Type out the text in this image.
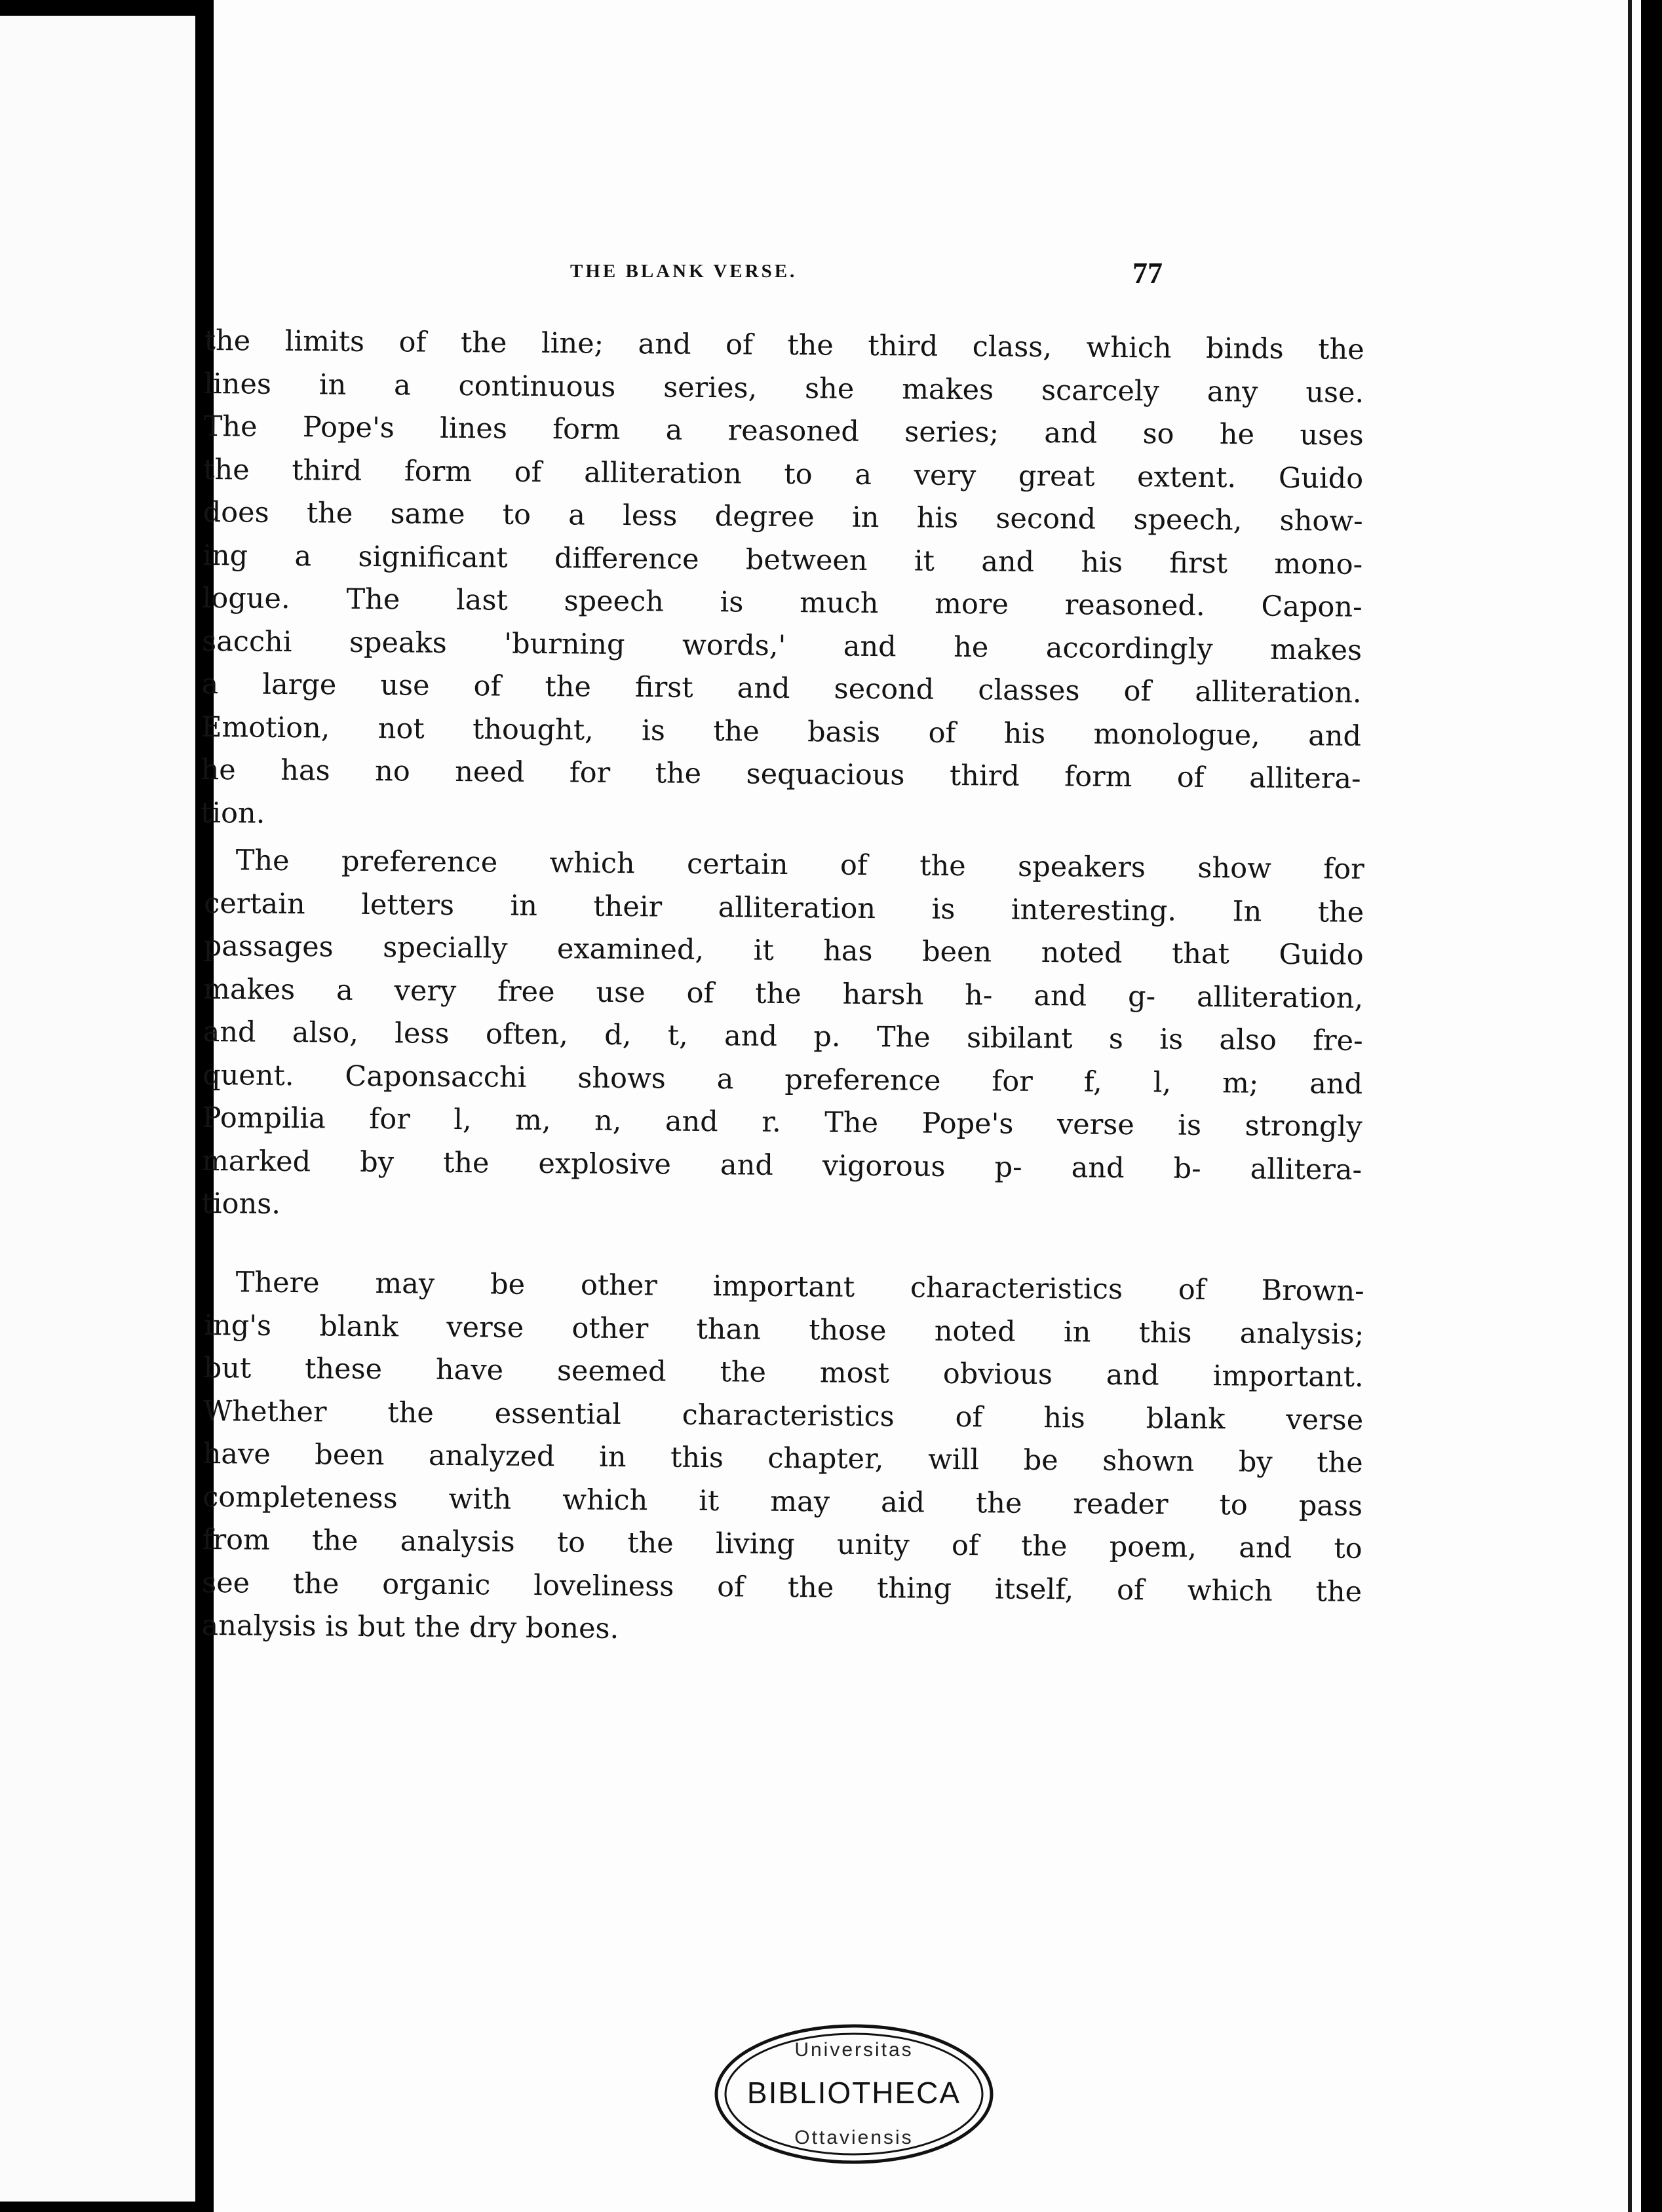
THE BLANK VERSE.	77

the limits of the line; and of the third class, which binds the
lines in a continuous series, she makes scarcely any use.
The Pope's lines form a reasoned series; and so he uses
the third form of alliteration to a very great extent. Guido
does the same to a less degree in his second speech, show-
ing a significant difference between it and his first mono-
logue. The last speech is much more reasoned. Capon-
sacchi speaks 'burning words,' and he accordingly makes
a large use of the first and second classes of alliteration.
Emotion, not thought, is the basis of his monologue, and
he has no need for the sequacious third form of allitera-
tion.
The preference which certain of the speakers show for
certain letters in their alliteration is interesting. In the
passages specially examined, it has been noted that Guido
makes a very free use of the harsh h- and g- alliteration,
and also, less often, d, t, and p. The sibilant s is also fre-
quent. Caponsacchi shows a preference for f, l, m; and
Pompilia for l, m, n, and r. The Pope's verse is strongly
marked by the explosive and vigorous p- and b- allitera-
tions.
There may be other important characteristics of Brown-
ing's blank verse other than those noted in this analysis;
but these have seemed the most obvious and important.
Whether the essential characteristics of his blank verse
have been analyzed in this chapter, will be shown by the
completeness with which it may aid the reader to pass
from the analysis to the living unity of the poem, and to
see the organic loveliness of the thing itself, of which the
analysis is but the dry bones.
Universitas
BIBLIOTHECA
Ottaviensis
